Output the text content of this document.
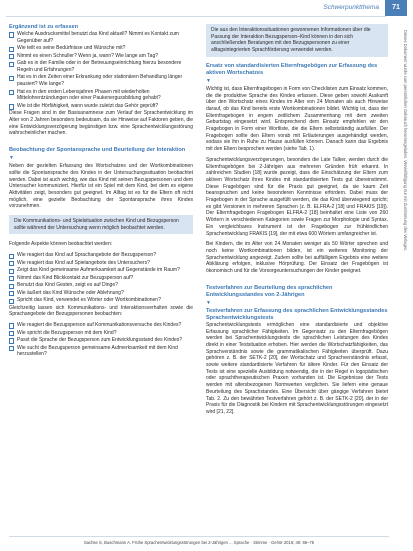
Schwerpunktthema	71

Ergänzend ist zu erfassen

Welche Ausdrucksmittel benutzt das Kind aktuell? Nimmt es Kontakt zum Gegenüber auf?
Wie teilt es seine Bedürfnisse und Wünsche mit?
Nimmt es einen Schnuller? Wenn ja, wann? Wie lange am Tag?
Gab es in der Familie oder in der Betreuungseinrichtung hierzu besondere Regeln und Erfahrungen?
Hat es in den Zeiten einer Erkrankung oder stationären Behandlung länger pausiert? Wie lange?
Hat es in den ersten Lebensjahren Phasen mit wiederholten Mittelohrentzündungen oder einer Paukenergussbildung gehabt?
Wie ist die Hörfähigkeit, wann wurde zuletzt das Gehör geprüft?

Diese Fragen sind in der Basisanamnese zum Verlauf der Sprachentwicklung im Alter von 2 Jahren besonders bedeutsam, da sie Hinweise auf Faktoren geben, die eine Entwicklungsverzögerung begünstigen bzw. eine Sprachentwicklungsstörung wahrscheinlicher machen.

Beobachtung der Spontansprache und Beurteilung der Interaktion

▼

Neben der gezielten Erfassung des Wortschatzes und der Wortkombinationen sollte die Spontansprache des Kindes in der Untersuchungssituation beobachtet werden. Dabei ist auch wichtig, wie das Kind mit seinen Bezugspersonen und dem Untersucher kommuniziert. Hierfür ist ein Spiel mit dem Kind, bei dem es eigene Aktivitäten zeigt, besonders gut geeignet. Im Alltag ist es für die Eltern oft nicht möglich, eine gezielte Beobachtung der Spontansprache ihres Kindes vorzunehmen.

Die Kommunikations- und Spielsituation zwischen Kind und Bezugsperson sollte während der Untersuchung wenn möglich beobachtet werden.

Folgende Aspekte können beobachtet werden:

Wie reagiert das Kind auf Sprachangebote der Bezugsperson?
Wie reagiert das Kind auf Spielangebote des Untersuchers?
Zeigt das Kind gemeinsame Aufmerksamkeit auf Gegenstände im Raum?
Nimmt das Kind Blickkontakt zur Bezugsperson auf?
Benutzt das Kind Gesten, zeigt es auf Dinge?
Wie äußert das Kind Wünsche oder Ablehnung?
Spricht das Kind, verwendet es Wörter oder Wortkombinationen?

Gleichzeitig lassen sich Kommunikations- und Interaktionsverhalten sowie die Sprachangebote der Bezugspersonen beobachten:

Wie reagiert die Bezugsperson auf Kommunikationsversuche des Kindes?
Wie spricht die Bezugsperson mit dem Kind?
Passt die Sprache der Bezugsperson zum Entwicklungsstand des Kindes?
Wie sucht die Bezugsperson gemeinsame Aufmerksamkeit mit dem Kind herzustellen?
Die aus den Interaktionssituationen gewonnenen Informationen über die Passung der Interaktion Bezugsperson–Kind können in den sich anschließenden Beratungen mit den Bezugspersonen zu einer alltagsintegrierten Sprachförderung verwendet werden.

Ersatz von standardisierten Elternfragebögen zur Erfassung des aktiven Wortschatzes

▼

Wichtig ist, dass Elternfragebogen in Form von Checklisten zum Einsatz kommen, die die produktive Sprache des Kindes erfassen. Diese geben sowohl Auskunft über den Wortschatz eines Kindes im Alter von 24 Monaten als auch Hinweise darauf, ob das Kind bereits erste Wortkombinationen bildet. Wichtig ist, dass der Elternfragebogen in engem zeitlichem Zusammenhang mit dem zweiten Geburtstag eingesetzt wird. Entsprechend dem Einsatz empfehlen wir den Fragebogen in Form einer Wortliste, die die Eltern selbstständig ausfüllen. Der Fragebogen sollte den Eltern vorab mit Erläuterungen ausgehändigt werden, sodass sie ihn in Ruhe zu Hause ausfüllen können. Danach kann das Ergebnis mit den Eltern besprochen werden (siehe Tab. 1).

Sprachentwicklungsverzögerungen, besonders die Late Talker, werden durch die Elternfragebögen bei 2-Jährigen aus mehreren Gründen früh erkannt. In zahlreichen Studien [18] wurde gezeigt, dass die Einschätzung der Eltern zum aktiven Wortschatz ihres Kindes mit standardisierten Tests gut übereinstimmt. Diese Fragebögen sind für die Praxis gut geeignet, da sie kaum Zeit beanspruchen und keine besonderen Kenntnisse erfordern. Dabei muss der Fragebogen in der Sprache ausgefüllt werden, die das Kind überwiegend spricht; es gibt Versionen in mehreren Sprachen (z. B. ELFRA-2 [18] und FRAKIS [19]). Der Elternfragebogen Fragebogen ELFRA-2 [18] beinhaltet eine Liste von 260 Wörtern in verschiedenen Kategorien sowie Fragen zur Morphologie und Syntax. Ein vergleichbares Instrument ist der Fragebogen zur frühkindlichen Sprachentwicklung FRAKIS [19], der mit etwa 600 Wörtern umfangreicher ist.

Bei Kindern, die im Alter von 24 Monaten weniger als 50 Wörter sprechen und noch keine Wortkombinationen bilden, ist ein weiteres Monitoring der Sprachentwicklung angezeigt. Zudem sollte bei auffälligem Ergebnis eine weitere Abklärung erfolgen, inklusive Hörprüfung. Der Einsatz der Fragebögen ist ökonomisch und für die Vorsorgeuntersuchungen der Kinder geeignet.

Testverfahren zur Beurteilung des sprachlichen Entwicklungsstandes von 2-Jährigen

▼

Testverfahren zur Erfassung des sprachlichen Entwicklungsstandes

Sprachentwicklungstests

Sprachentwicklungstests ermöglichen eine standardisierte und objektive Erfassung sprachlicher Fähigkeiten. Im Gegensatz zu den Elternfragebögen werden bei Sprachentwicklungstests die sprachlichen Leistungen des Kindes direkt in einer Testsituation erhoben. Hier werden die Wortschatzfähigkeiten, das Sprachverständnis sowie die grammatikalischen Fähigkeiten überprüft. Dazu gehören z. B. der SETK-2 [20], der Wortschatz und Sprachverständnis erfasst, sowie weitere standardisierte Verfahren für ältere Kinder. Für den Einsatz der Tests ist eine spezielle Ausbildung notwendig, die in der Regel in logopädischen oder sprachtherapeutischen Praxen vorhanden ist. Die Ergebnisse der Tests werden mit altersbezogenen Normwerten verglichen. Sie liefern eine genaue Beurteilung des Sprachstandes. Eine Übersicht über gängige Verfahren bietet Tab. 2. Zu den bewährten Testverfahren gehört z. B. der SETK-2 [20], der in der Praxis für die Diagnostik bei Kindern mit Sprachentwicklungsstörungen eingesetzt wird [21, 22].

Dieses Dokument wurde zum persönlichen Gebrauch heruntergeladen. Vervielfältigung nur mit Zustimmung des Verlages.
Sachse S, Buschmann A. Frühe Sprachentwicklungsstörungen bei 2-Jährigen ... Sprache · Stimme · Gehör 2016; 40: 66–75
